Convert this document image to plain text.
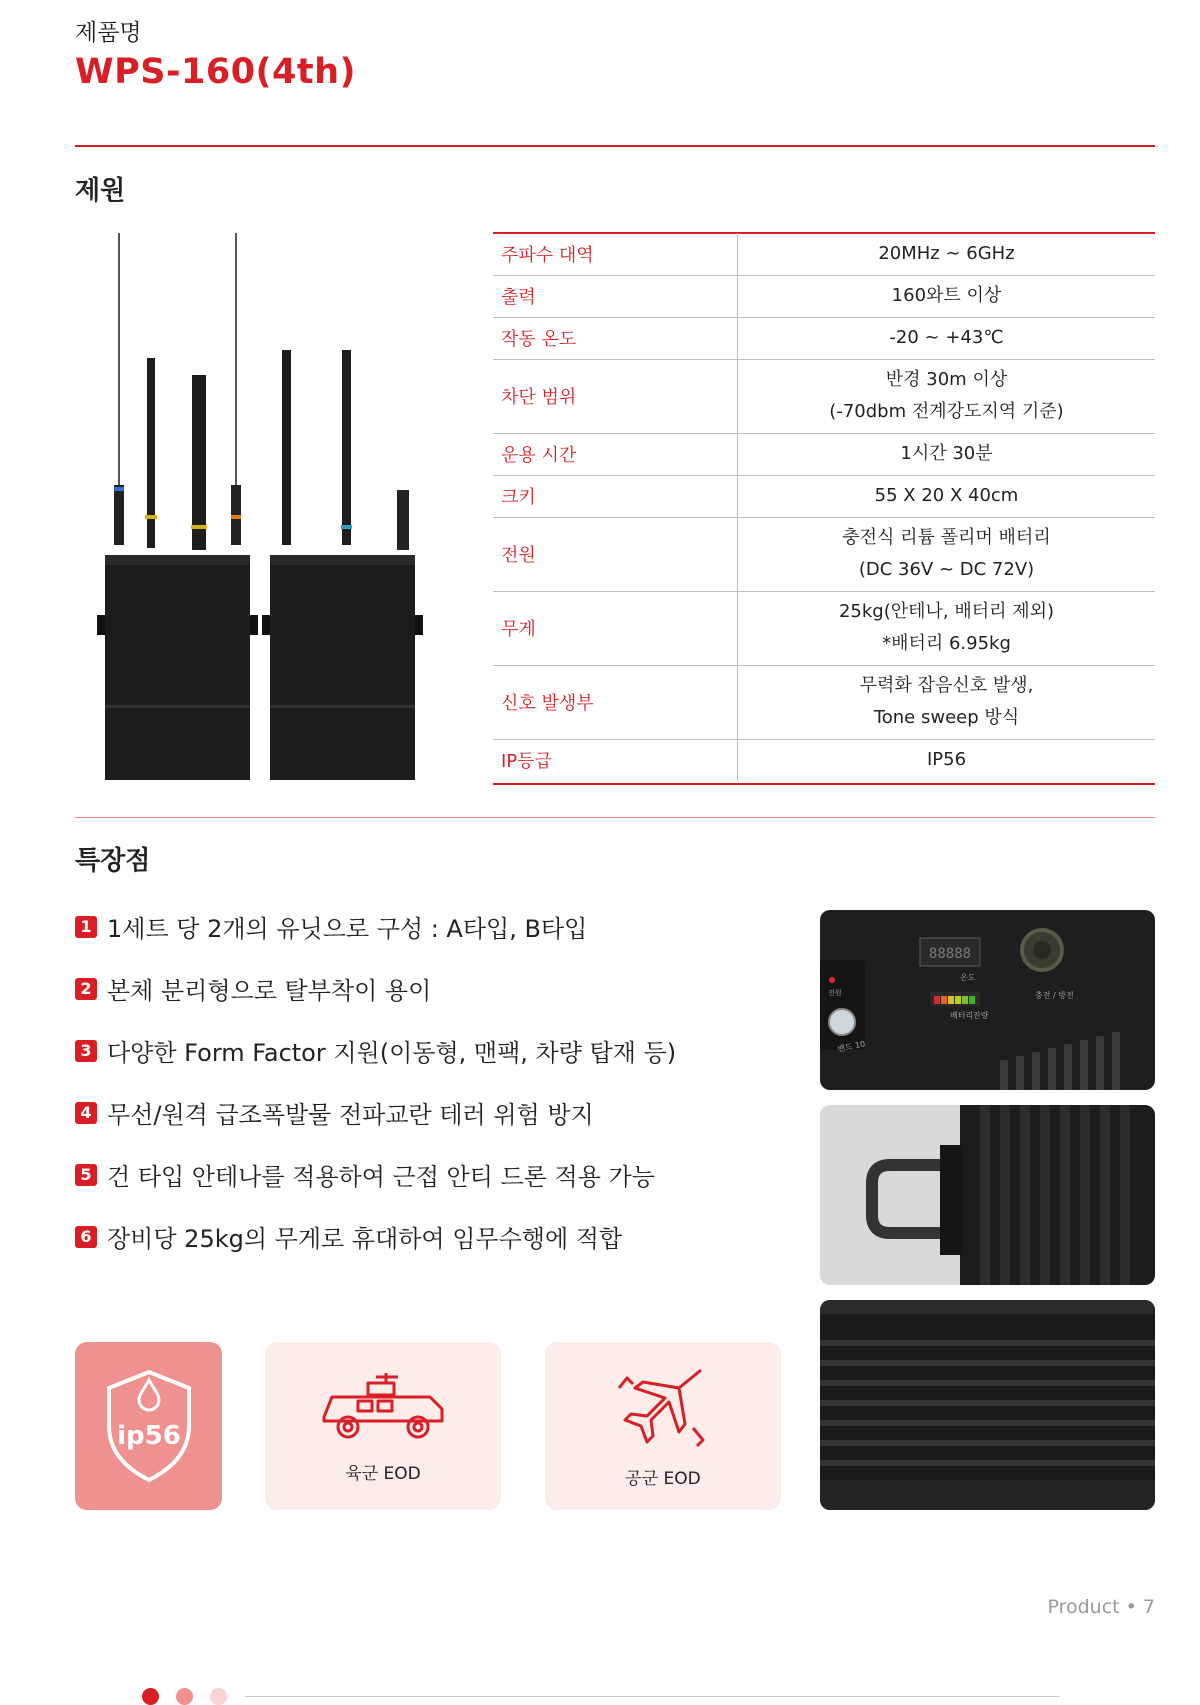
제품명
WPS-160(4th)
제원
주파수 대역	20MHz ~ 6GHz
출력	160와트 이상
작동 온도	-20 ~ +43℃
차단 범위	반경 30m 이상
(-70dbm 전계강도지역 기준)

운용 시간	1시간 30분
크키	55 X 20 X 40cm
전원	충전식 리튬 폴리머 배터리
(DC 36V ~ DC 72V)

무게	25kg(안테나, 배터리 제외)
*배터리 6.95kg

신호 발생부	무력화 잡음신호 발생,
Tone sweep 방식

IP등급	IP56
특장점
1 1세트 당 2개의 유닛으로 구성 : A타입, B타입
2 본체 분리형으로 탈부착이 용이
3 다양한 Form Factor 지원(이동형, 맨팩, 차량 탑재 등)
4 무선/원격 급조폭발물 전파교란 테러 위험 방지
5 건 타입 안테나를 적용하여 근접 안티 드론 적용 가능
6 장비당 25kg의 무게로 휴대하여 임무수행에 적합
ip56
육군 EOD	공군 EOD
88888
온도
배터리잔량
충전 / 방전
전원
밴드 10
Product • 7
